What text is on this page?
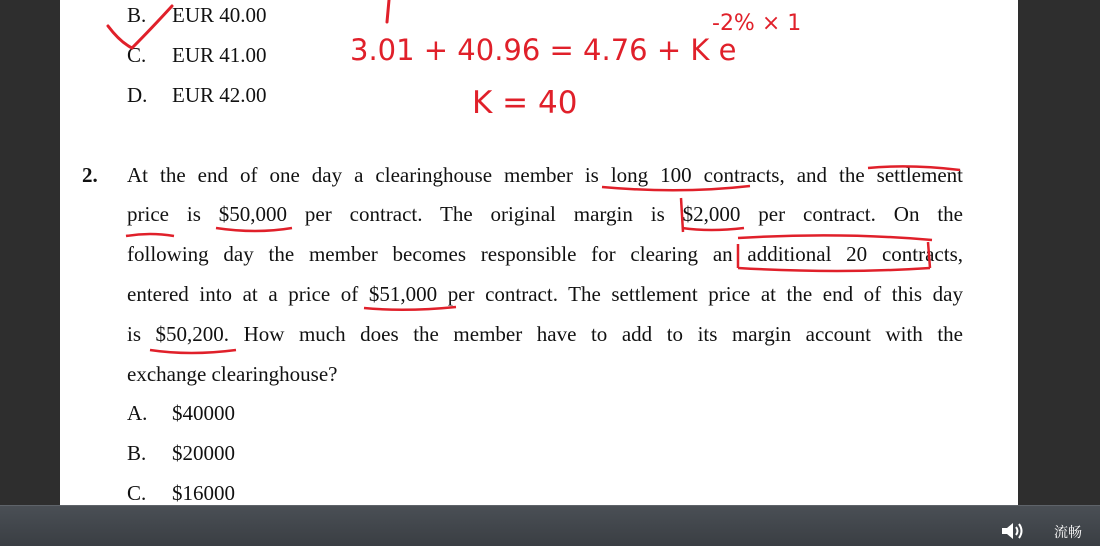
B. EUR 40.00
C. EUR 41.00
D. EUR 42.00
2. At the end of one day a clearinghouse member is long 100 contracts, and the settlement
price is $50,000 per contract. The original margin is $2,000 per contract. On the
following day the member becomes responsible for clearing an additional 20 contracts,
entered into at a price of $51,000 per contract. The settlement price at the end of this day
is $50,200. How much does the member have to add to its margin account with the
exchange clearinghouse?
A. $40000
B. $20000
C. $16000
3.01 + 40.96 = 4.76 + K e
-2% × 1
K = 40
流畅
